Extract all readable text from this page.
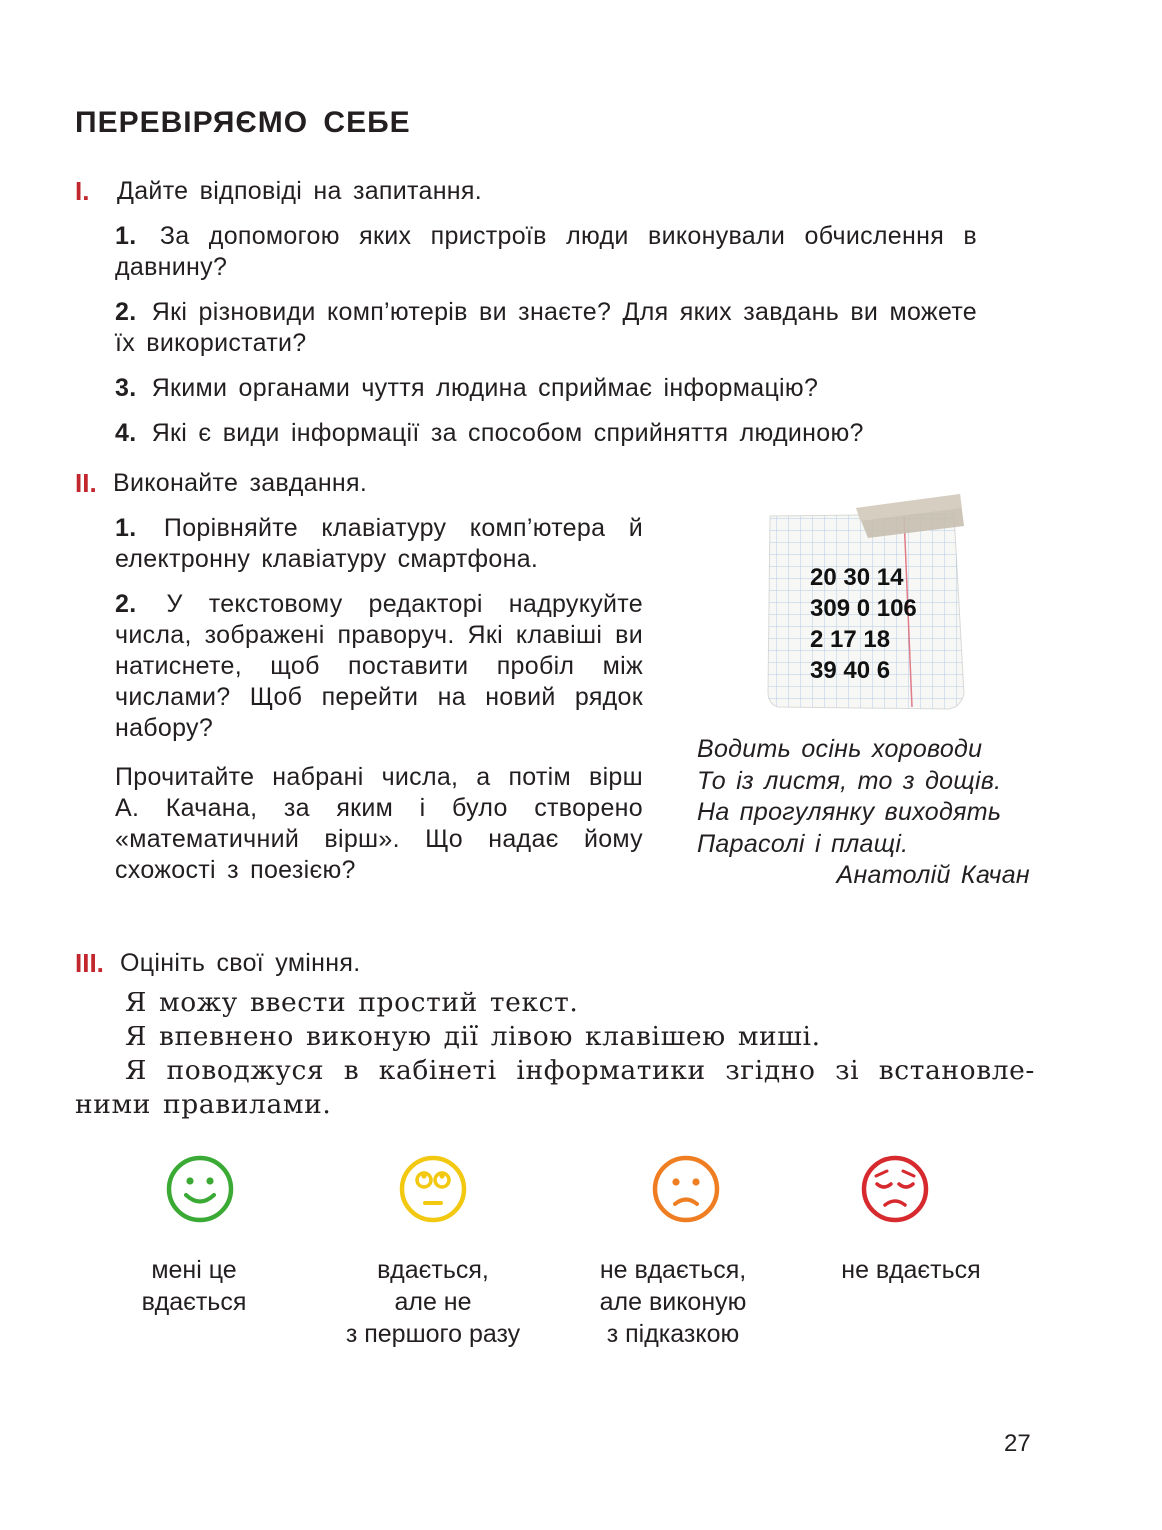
ПЕРЕВІРЯЄМО СЕБЕ
I. Дайте відповіді на запитання.
1. За допомогою яких пристроїв люди виконували обчислення в давнину?
2. Які різновиди комп’ютерів ви знаєте? Для яких завдань ви можете їх використати?
3. Якими органами чуття людина сприймає інформацію?
4. Які є види інформації за способом сприйняття людиною?
II. Виконайте завдання.
1. Порівняйте клавіатуру комп’ютера й електронну клавіатуру смартфона.
2. У текстовому редакторі надрукуйте числа, зображені праворуч. Які клавіші ви натиснете, щоб поставити пробіл між числами? Щоб перейти на новий рядок набору?
Прочитайте набрані числа, а потім вірш А. Качана, за яким і було створено «математичний вірш». Що надає йому схожості з поезією?
20 30 14
309 0 106
2 17 18
39 40 6
Водить осінь хороводи
То із листя, то з дощів.
На прогулянку виходять
Парасолі і плащі.
Анатолій Качан
III. Оцініть свої уміння.

Я можу ввести простий текст.

Я впевнено виконую дії лівою клавішею миші.

Я поводжуся в кабінеті інформатики згідно зі встановле-

ними правилами.

мені це
вдається
вдається,
але не
з першого разу
не вдається,
але виконую
з підказкою
не вдається
27
